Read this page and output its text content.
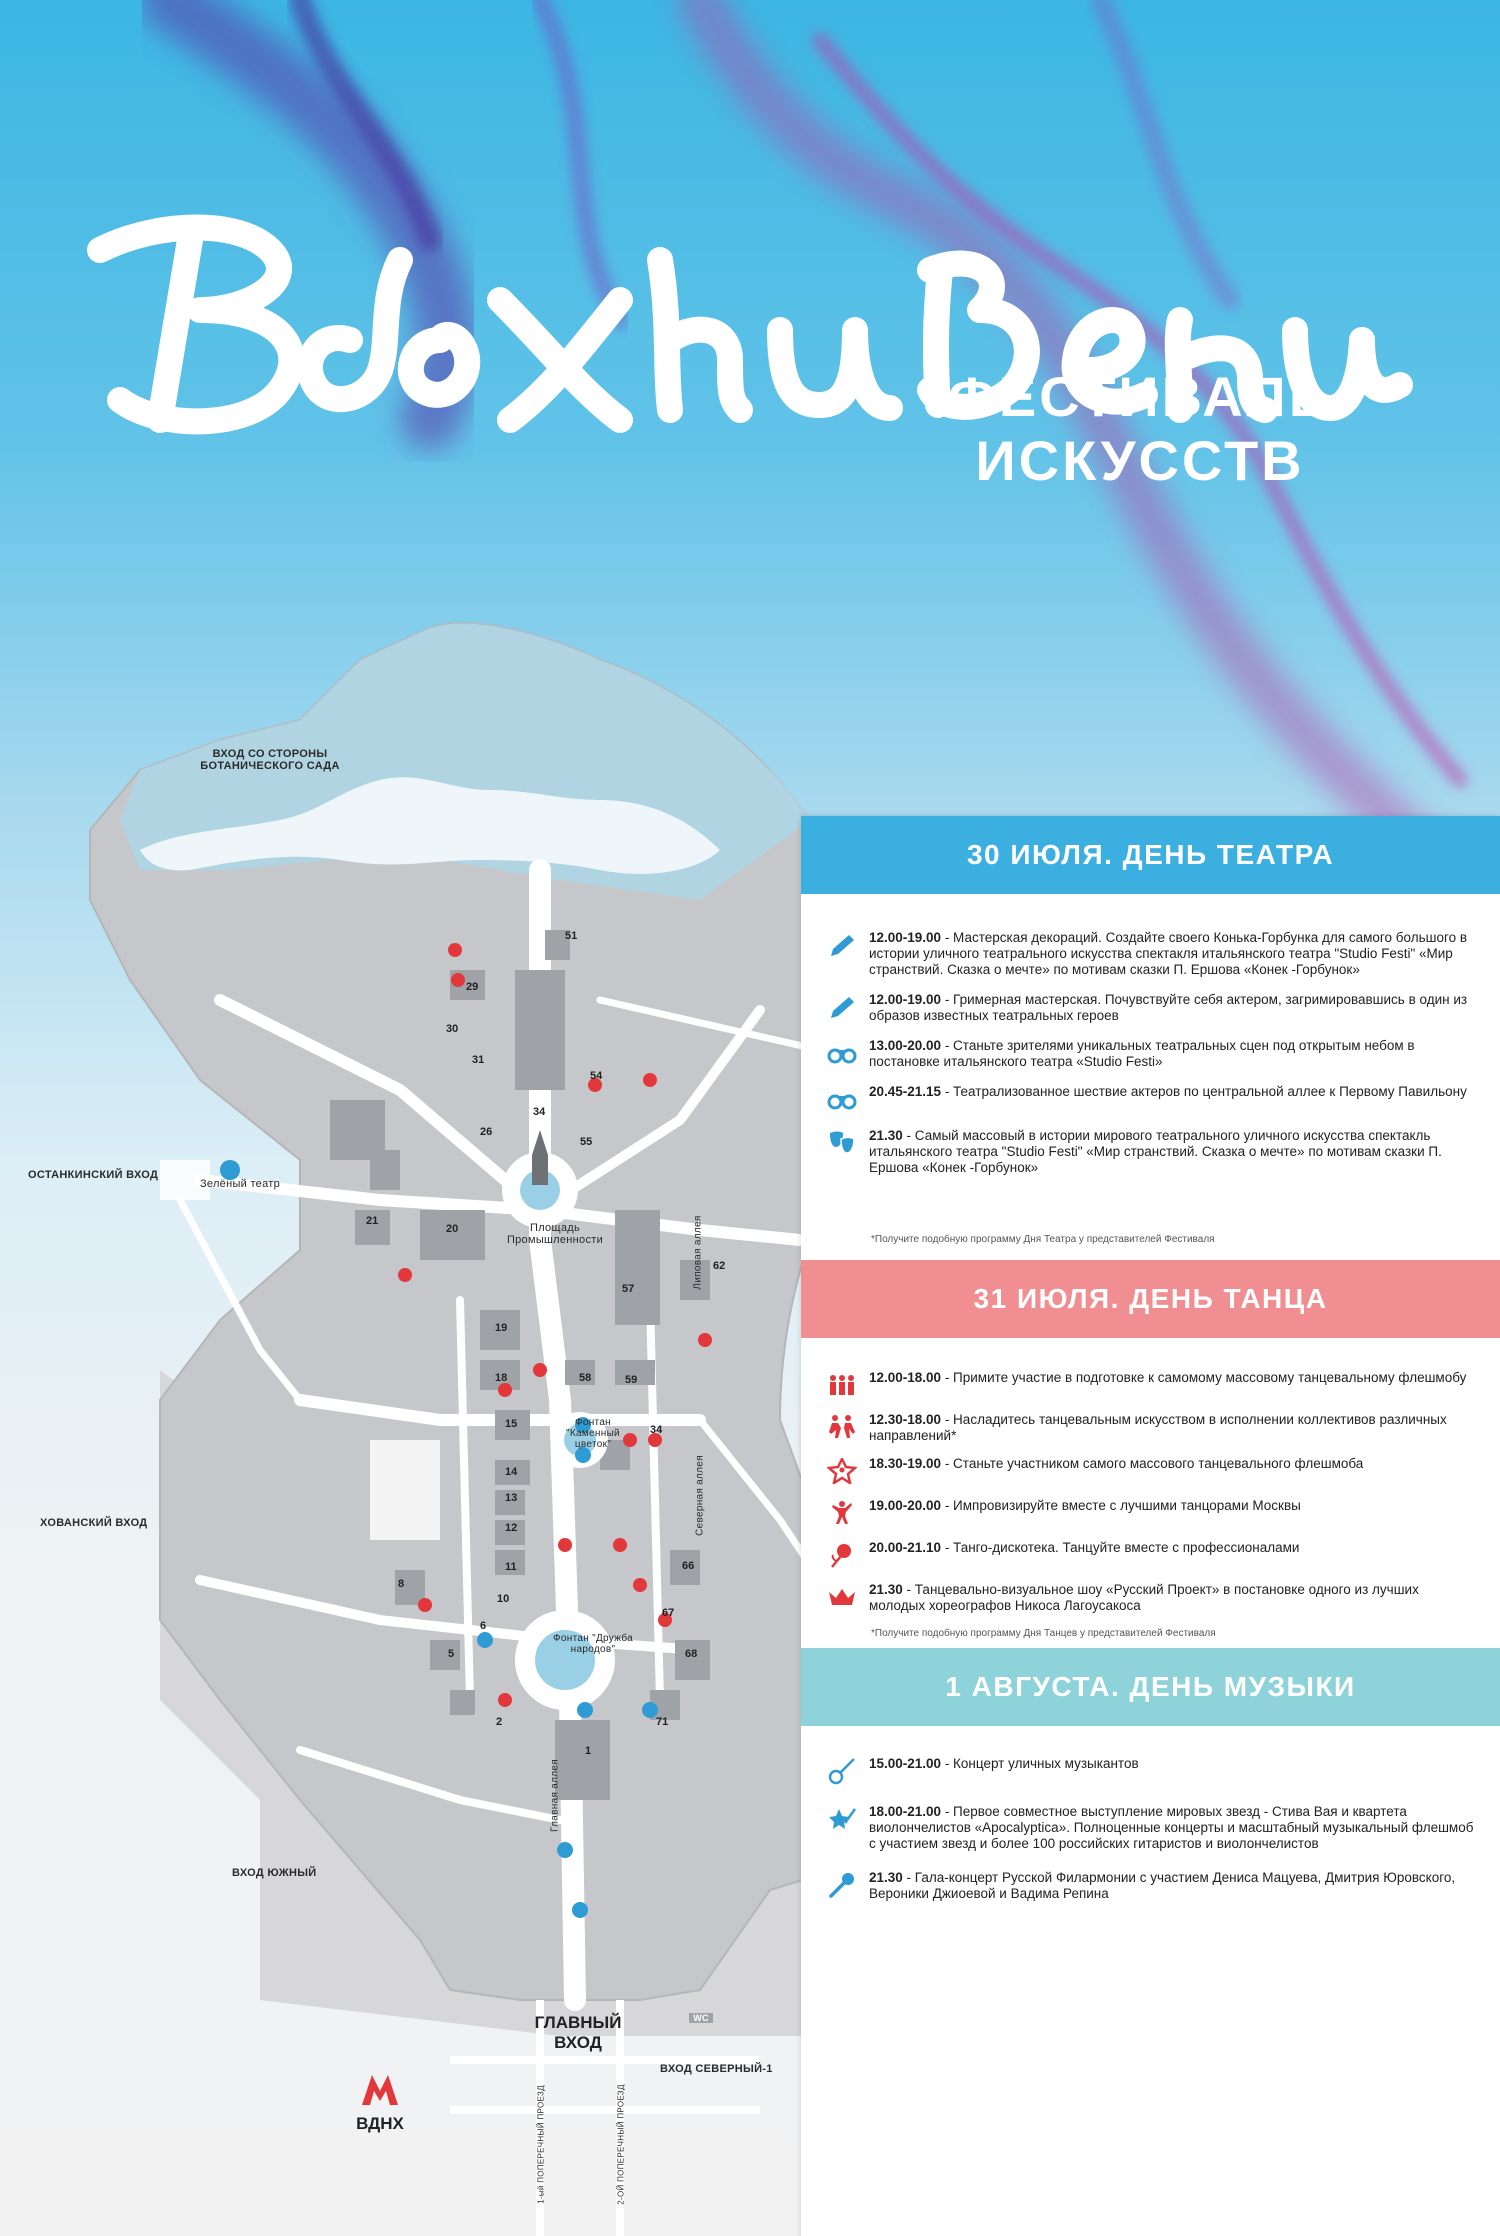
ФЕСТИВАЛЬ
ИСКУССТВ
ВХОД СО СТОРОНЫ БОТАНИЧЕСКОГО САДА
ОСТАНКИНСКИЙ ВХОД
ХОВАНСКИЙ ВХОД
ВХОД ЮЖНЫЙ
ВХОД СЕВЕРНЫЙ-1
ГЛАВНЫЙ
ВХОД
Зелёный театр
Площадь Промышленности
Фонтан "Каменный цветок"
Фонтан "Дружба народов"
Липовая аллея
Северная аллея
Главная аллея
1-ый ПОПЕРЕЧНЫЙ ПРОЕЗД	2-ОЙ ПОПЕРЕЧНЫЙ ПРОЕЗД
WC
ВДНХ
51
29
30
31
54
34
26
55
21
20
62
57
19
18	58	59
15	34
14
13
12
11
10
8
66
6
5
67
68
2	71
1
30 ИЮЛЯ. ДЕНЬ ТЕАТРА
12.00-19.00 - Мастерская декораций. Создайте своего Конька-Горбунка для самого большого в истории уличного театрального искусства спектакля итальянского театра "Studio Festi" «Мир странствий. Сказка о мечте» по мотивам сказки П. Ершова «Конек -Горбунок»
12.00-19.00 - Гримерная мастерская. Почувствуйте себя актером, загримировавшись в один из образов известных театральных героев
13.00-20.00 - Станьте зрителями уникальных театральных сцен под открытым небом в постановке итальянского театра «Studio Festi»
20.45-21.15 - Театрализованное шествие актеров по центральной аллее к Первому Павильону
21.30 - Самый массовый в истории мирового театрального уличного искусства спектакль итальянского театра "Studio Festi" «Мир странствий. Сказка о мечте» по мотивам сказки П. Ершова «Конек -Горбунок»
*Получите подобную программу Дня Театра у представителей Фестиваля
31 ИЮЛЯ. ДЕНЬ ТАНЦА
12.00-18.00 - Примите участие в подготовке к самомому массовому танцевальному флешмобу
12.30-18.00 - Насладитесь танцевальным искусством в исполнении коллективов различных направлений*
18.30-19.00 - Станьте участником самого массового танцевального флешмоба
19.00-20.00 - Импровизируйте вместе с лучшими танцорами Москвы
20.00-21.10 - Танго-дискотека. Танцуйте вместе с профессионалами
21.30 - Танцевально-визуальное шоу «Русский Проект» в постановке одного из лучших молодых хореографов Никоса Лагоусакоса
*Получите подобную программу Дня Танцев у представителей Фестиваля
1 АВГУСТА. ДЕНЬ МУЗЫКИ
15.00-21.00 - Концерт уличных музыкантов
18.00-21.00 - Первое совместное выступление мировых звезд - Стива Вая и квартета виолончелистов «Apocalyptica». Полноценные концерты и масштабный музыкальный флешмоб с участием звезд и более 100 российских гитаристов и виолончелистов
21.30 - Гала-концерт Русской Филармонии с участием Дениса Мацуева, Дмитрия Юровского, Вероники Джиоевой и Вадима Репина
